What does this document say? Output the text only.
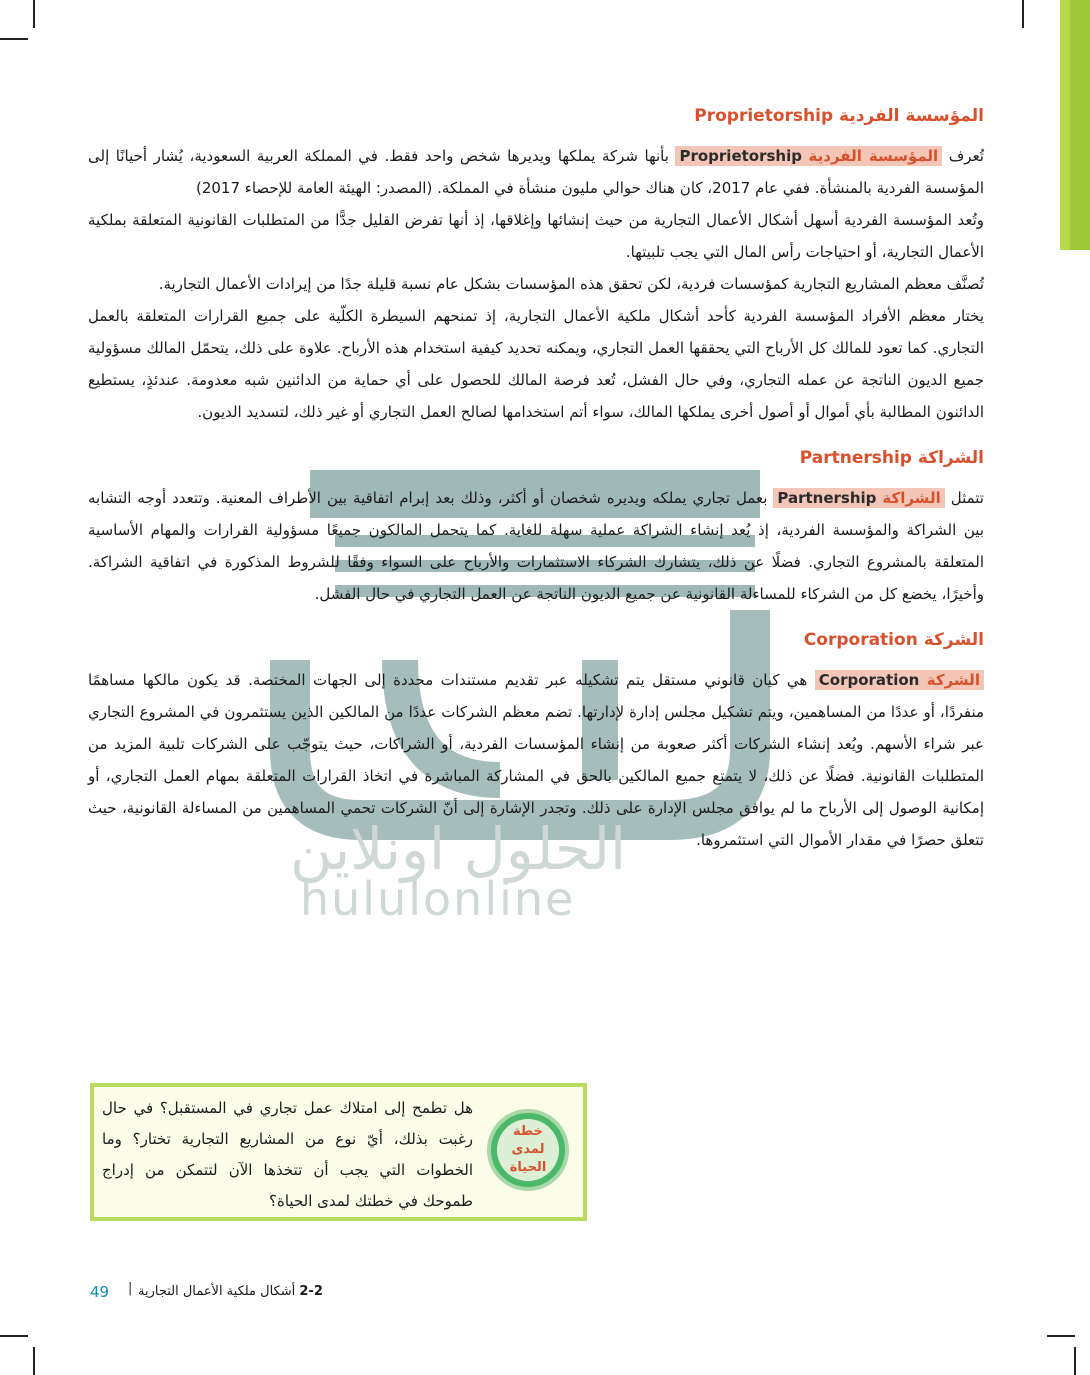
الحلول اونلاين
hululonline
المؤسسة الفردية Proprietorship

تُعرف المؤسسة الفردية Proprietorship بأنها شركة يملكها ويديرها شخص واحد فقط. في المملكة العربية السعودية، يُشار أحيانًا إلى المؤسسة الفردية بالمنشأة. ففي عام 2017، كان هناك حوالي مليون منشأة في المملكة. (المصدر: الهيئة العامة للإحصاء 2017)

وتُعد المؤسسة الفردية أسهل أشكال الأعمال التجارية من حيث إنشائها وإغلاقها، إذ أنها تفرض القليل جدًّا من المتطلبات القانونية المتعلقة بملكية الأعمال التجارية، أو احتياجات رأس المال التي يجب تلبيتها.

تُصنَّف معظم المشاريع التجارية كمؤسسات فردية، لكن تحقق هذه المؤسسات بشكل عام نسبة قليلة جدًا من إيرادات الأعمال التجارية.

يختار معظم الأفراد المؤسسة الفردية كأحد أشكال ملكية الأعمال التجارية، إذ تمنحهم السيطرة الكلّية على جميع القرارات المتعلقة بالعمل التجاري. كما تعود للمالك كل الأرباح التي يحققها العمل التجاري، ويمكنه تحديد كيفية استخدام هذه الأرباح. علاوة على ذلك، يتحمّل المالك مسؤولية جميع الديون الناتجة عن عمله التجاري، وفي حال الفشل، تُعد فرصة المالك للحصول على أي حماية من الدائنين شبه معدومة. عندئذٍ، يستطيع الدائنون المطالبة بأي أموال أو أصول أخرى يملكها المالك، سواء أتم استخدامها لصالح العمل التجاري أو غير ذلك، لتسديد الديون.

الشراكة Partnership

تتمثل الشراكة Partnership بعمل تجاري يملكه ويديره شخصان أو أكثر، وذلك بعد إبرام اتفاقية بين الأطراف المعنية. وتتعدد أوجه التشابه بين الشراكة والمؤسسة الفردية، إذ يُعد إنشاء الشراكة عملية سهلة للغاية. كما يتحمل المالكون جميعًا مسؤولية القرارات والمهام الأساسية المتعلقة بالمشروع التجاري. فضلًا عن ذلك، يتشارك الشركاء الاستثمارات والأرباح على السواء وفقًا للشروط المذكورة في اتفاقية الشراكة. وأخيرًا، يخضع كل من الشركاء للمساءلة القانونية عن جميع الديون الناتجة عن العمل التجاري في حال الفشل.

الشركة Corporation

الشركة Corporation هي كيان قانوني مستقل يتم تشكيله عبر تقديم مستندات محددة إلى الجهات المختصة. قد يكون مالكها مساهمًا منفردًا، أو عددًا من المساهمين، ويتم تشكيل مجلس إدارة لإدارتها. تضم معظم الشركات عددًا من المالكين الذين يستثمرون في المشروع التجاري عبر شراء الأسهم. ويُعد إنشاء الشركات أكثر صعوبة من إنشاء المؤسسات الفردية، أو الشراكات، حيث يتوجّب على الشركات تلبية المزيد من المتطلبات القانونية. فضلًا عن ذلك، لا يتمتع جميع المالكين بالحق في المشاركة المباشرة في اتخاذ القرارات المتعلقة بمهام العمل التجاري، أو إمكانية الوصول إلى الأرباح ما لم يوافق مجلس الإدارة على ذلك. وتجدر الإشارة إلى أنّ الشركات تحمي المساهمين من المساءلة القانونية، حيث تتعلق حصرًا في مقدار الأموال التي استثمروها.

خطة لمدى الحياة
هل تطمح إلى امتلاك عمل تجاري في المستقبل؟ في حال رغبت بذلك، أيّ نوع من المشاريع التجارية تختار؟ وما الخطوات التي يجب أن تتخذها الآن لتتمكن من إدراج طموحك في خطتك لمدى الحياة؟
49 |	2-2 أشكال ملكية الأعمال التجارية
